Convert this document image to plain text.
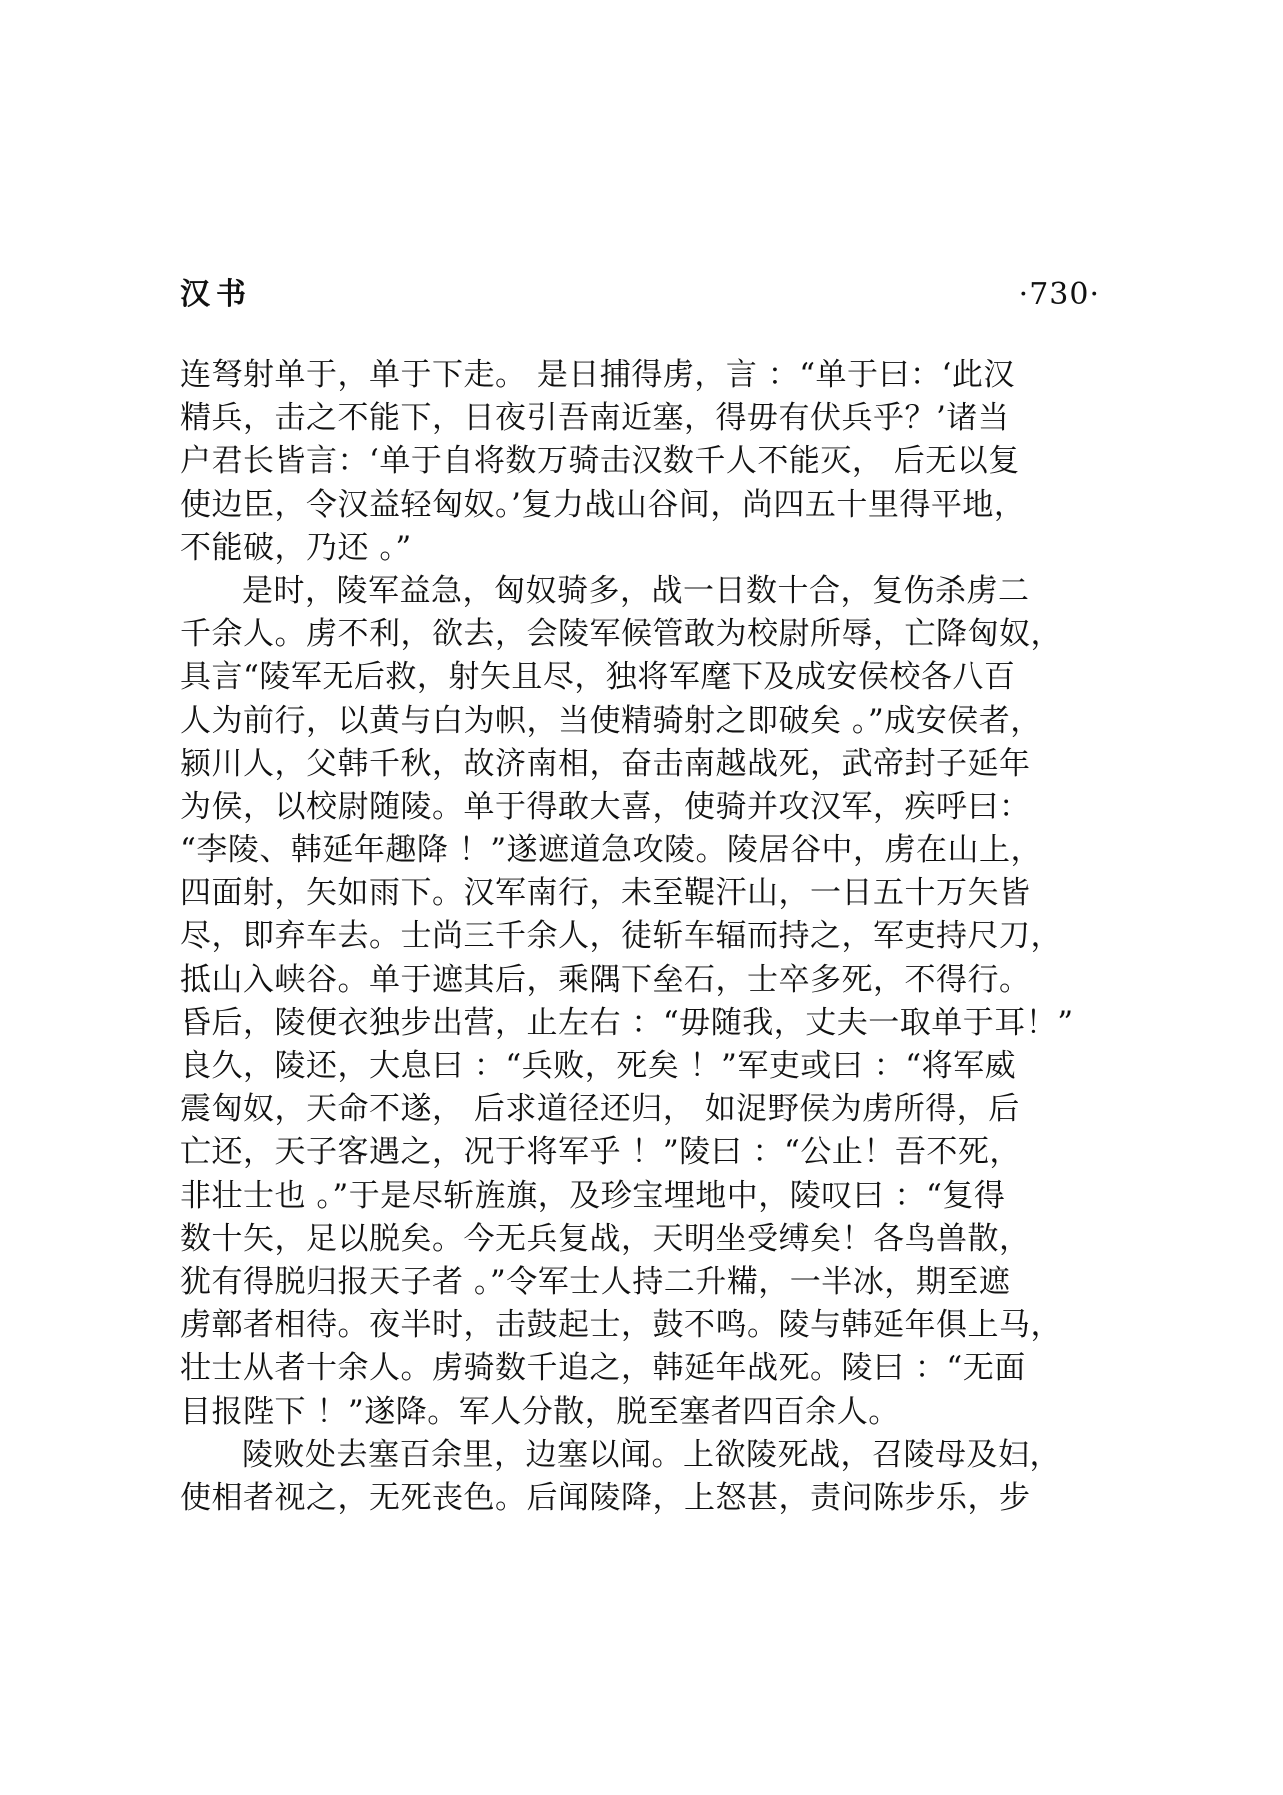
汉书	·730·
连弩射单于，单于下走。 是日捕得虏，言 ：“单于曰：‘此汉
精兵，击之不能下，日夜引吾南近塞，得毋有伏兵乎？’诸当
户君长皆言：‘单于自将数万骑击汉数千人不能灭， 后无以复
使边臣，令汉益轻匈奴。’复力战山谷间，尚四五十里得平地，
不能破，乃还 。”
是时，陵军益急，匈奴骑多，战一日数十合，复伤杀虏二
千余人。虏不利，欲去，会陵军候管敢为校尉所辱，亡降匈奴，
具言“陵军无后救，射矢且尽，独将军麾下及成安侯校各八百
人为前行，以黄与白为帜，当使精骑射之即破矣 。”成安侯者，
颍川人，父韩千秋，故济南相，奋击南越战死，武帝封子延年
为侯，以校尉随陵。单于得敢大喜，使骑并攻汉军，疾呼曰：
“李陵、韩延年趣降 ！”遂遮道急攻陵。陵居谷中，虏在山上，
四面射，矢如雨下。汉军南行，未至鞮汗山，一日五十万矢皆
尽，即弃车去。士尚三千余人，徒斩车辐而持之，军吏持尺刀，
抵山入峡谷。单于遮其后，乘隅下垒石，士卒多死，不得行。
昏后，陵便衣独步出营，止左右 ：“毋随我，丈夫一取单于耳！”
良久，陵还，大息曰 ：“兵败，死矣 ！”军吏或曰 ：“将军威
震匈奴，天命不遂， 后求道径还归， 如浞野侯为虏所得，后
亡还，天子客遇之，况于将军乎 ！”陵曰 ：“公止！吾不死，
非壮士也 。”于是尽斩旌旗，及珍宝埋地中，陵叹曰 ：“复得
数十矢，足以脱矣。今无兵复战，天明坐受缚矣！各鸟兽散，
犹有得脱归报天子者 。”令军士人持二升糒，一半冰，期至遮
虏鄣者相待。夜半时，击鼓起士，鼓不鸣。陵与韩延年俱上马，
壮士从者十余人。虏骑数千追之，韩延年战死。陵曰 ：“无面
目报陛下 ！”遂降。军人分散，脱至塞者四百余人。
陵败处去塞百余里，边塞以闻。上欲陵死战，召陵母及妇，
使相者视之，无死丧色。后闻陵降，上怒甚，责问陈步乐，步
